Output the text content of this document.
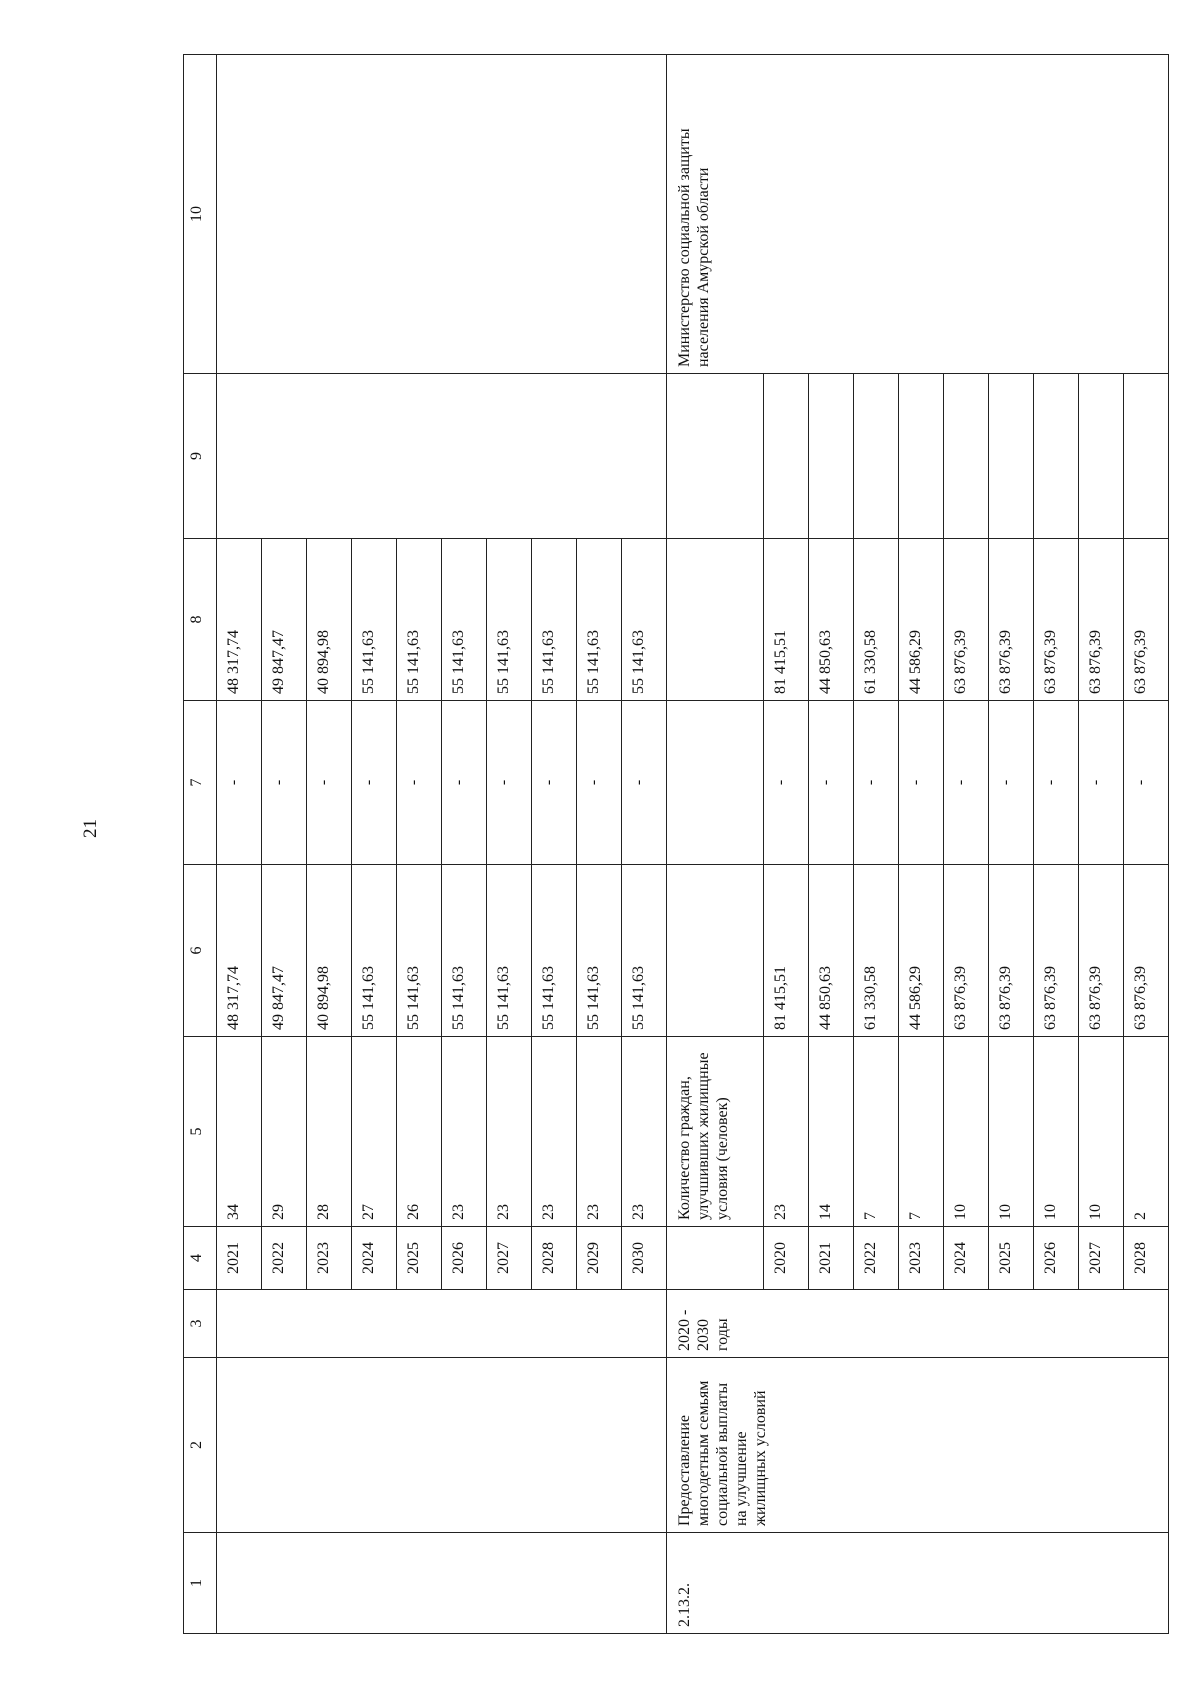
21
1	2	3	4	5	6	7	8	9	10
			2021	34	48 317,74	-	48 317,74		
			2022	29	49 847,47	-	49 847,47		
			2023	28	40 894,98	-	40 894,98		
			2024	27	55 141,63	-	55 141,63		
			2025	26	55 141,63	-	55 141,63		
			2026	23	55 141,63	-	55 141,63		
			2027	23	55 141,63	-	55 141,63		
			2028	23	55 141,63	-	55 141,63		
			2029	23	55 141,63	-	55 141,63		
			2030	23	55 141,63	-	55 141,63		
2.13.2.	Предоставление многодетным семьям социальной выплаты на улучшение жилищных условий	2020 - 2030 годы		Количество граждан, улучшивших жилищные условия (человек)					Министерство социальной защиты населения Амурской области
			2020	23	81 415,51	-	81 415,51		
			2021	14	44 850,63	-	44 850,63		
			2022	7	61 330,58	-	61 330,58		
			2023	7	44 586,29	-	44 586,29		
			2024	10	63 876,39	-	63 876,39		
			2025	10	63 876,39	-	63 876,39		
			2026	10	63 876,39	-	63 876,39		
			2027	10	63 876,39	-	63 876,39		
			2028	2	63 876,39	-	63 876,39		
